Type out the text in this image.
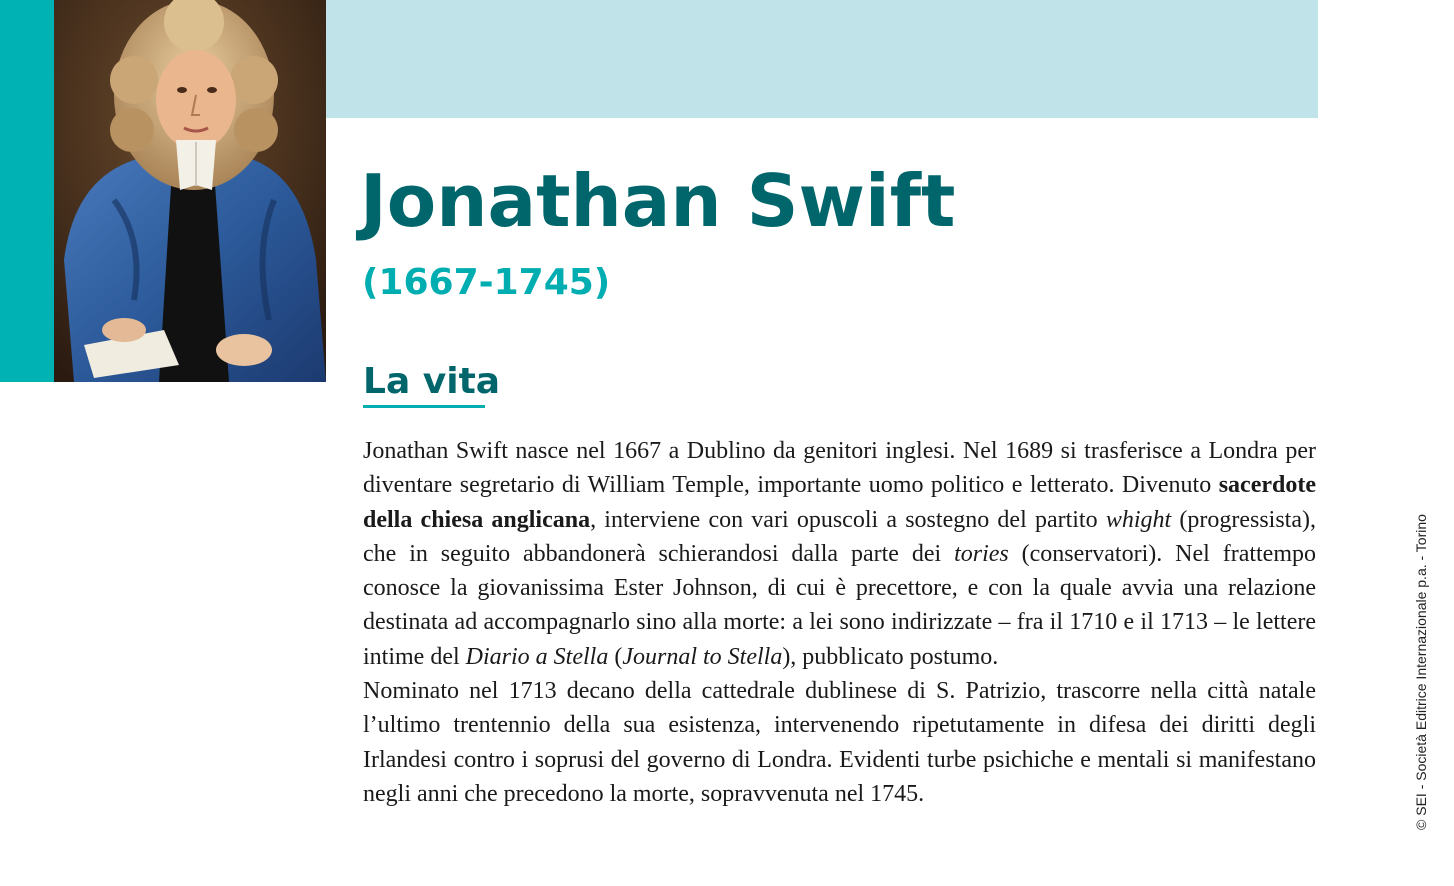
Jonathan Swift
(1667-1745)
La vita

Jonathan Swift nasce nel 1667 a Dublino da genitori inglesi. Nel 1689 si trasferisce a Londra per diventare segretario di William Temple, importante uomo politico e letterato. Divenuto sacerdote della chiesa anglicana, interviene con vari opuscoli a sostegno del partito whight (progressista), che in seguito abbandonerà schierandosi dalla parte dei tories (conservatori). Nel frattempo conosce la giovanissima Ester Johnson, di cui è precettore, e con la quale avvia una relazione destinata ad accompagnarlo sino alla morte: a lei sono indirizzate – fra il 1710 e il 1713 – le lettere intime del Diario a Stella (Journal to Stella), pubblicato postumo.

Nominato nel 1713 decano della cattedrale dublinese di S. Patrizio, trascorre nella città natale l’ultimo trentennio della sua esistenza, intervenendo ripetutamente in difesa dei diritti degli Irlandesi contro i soprusi del governo di Londra. Evidenti turbe psichiche e mentali si manifestano negli anni che precedono la morte, sopravvenuta nel 1745.	© SEI - Società Editrice Internazionale p.a. - Torino
